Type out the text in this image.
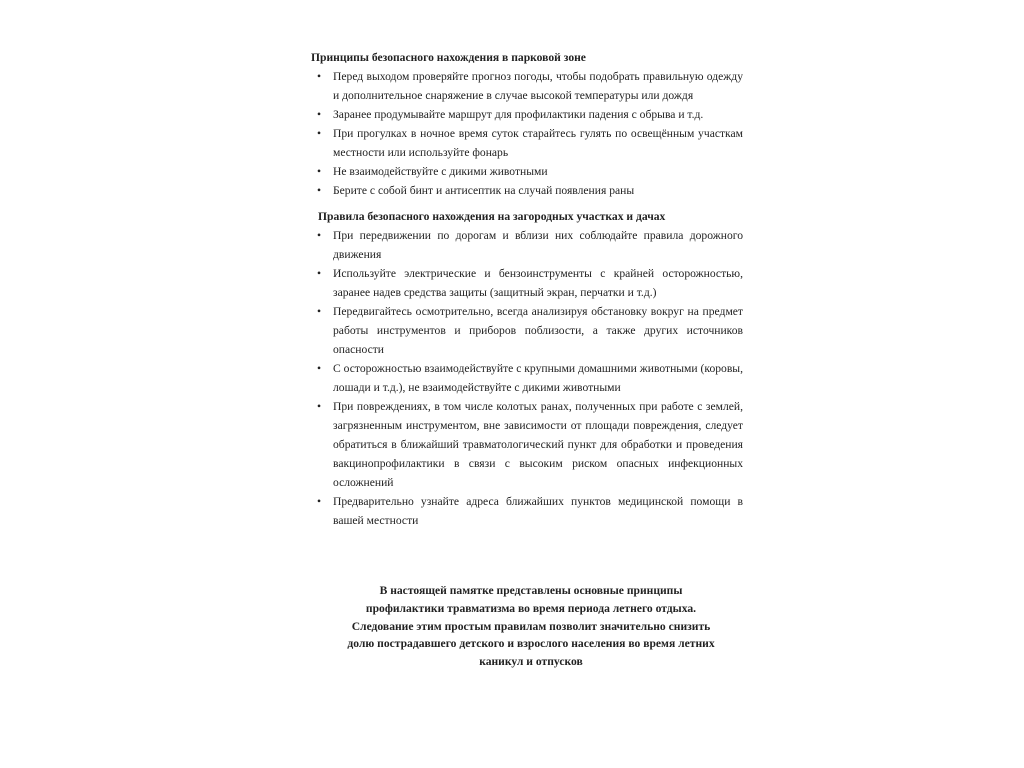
Принципы безопасного нахождения в парковой зоне

• Перед выходом проверяйте прогноз погоды, чтобы подобрать правильную одежду и дополнительное снаряжение в случае высокой температуры или дождя
• Заранее продумывайте маршрут для профилактики падения с обрыва и т.д.
• При прогулках в ночное время суток старайтесь гулять по освещённым участкам местности или используйте фонарь
• Не взаимодействуйте с дикими животными
• Берите с собой бинт и антисептик на случай появления раны

Правила безопасного нахождения на загородных участках и дачах

• При передвижении по дорогам и вблизи них соблюдайте правила дорожного движения
• Используйте электрические и бензоинструменты с крайней осторожностью, заранее надев средства защиты (защитный экран, перчатки и т.д.)
• Передвигайтесь осмотрительно, всегда анализируя обстановку вокруг на предмет работы инструментов и приборов поблизости, а также других источников опасности
• С осторожностью взаимодействуйте с крупными домашними животными (коровы, лошади и т.д.), не взаимодействуйте с дикими животными
• При повреждениях, в том числе колотых ранах, полученных при работе с землей, загрязненным инструментом, вне зависимости от площади повреждения, следует обратиться в ближайший травматологический пункт для обработки и проведения вакцинопрофилактики в связи с высоким риском опасных инфекционных осложнений
• Предварительно узнайте адреса ближайших пунктов медицинской помощи в вашей местности
В настоящей памятке представлены основные принципы
профилактики травматизма во время периода летнего отдыха.
Следование этим простым правилам позволит значительно снизить
долю пострадавшего детского и взрослого населения во время летних
каникул и отпусков
